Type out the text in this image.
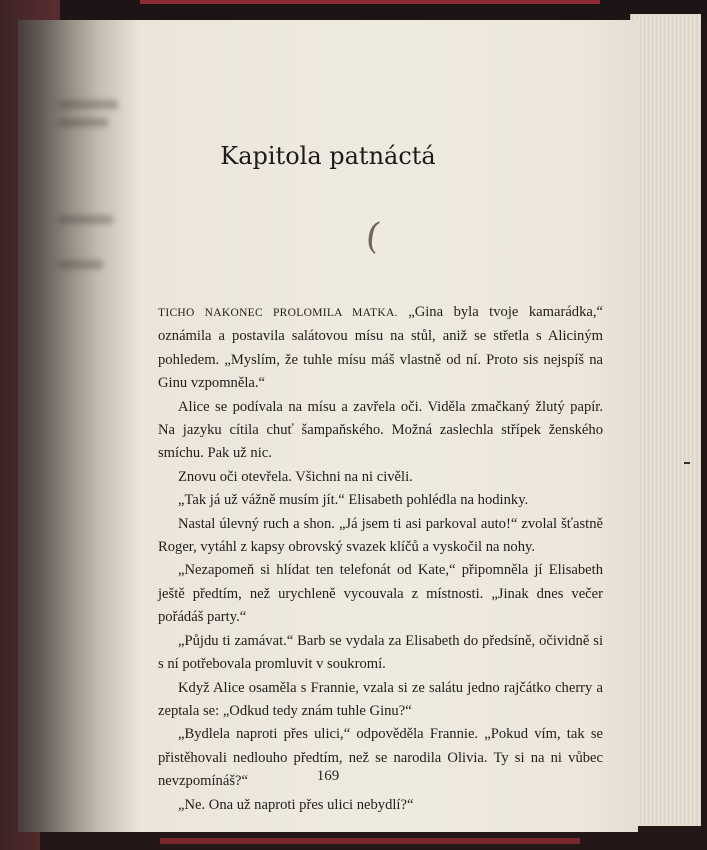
Kapitola patnáctá
(

TICHO NAKONEC PROLOMILA MATKA. „Gina byla tvoje kamarádka,“ oznámila a postavila salátovou mísu na stůl, aniž se střetla s Aliciným pohledem. „Myslím, že tuhle mísu máš vlastně od ní. Proto sis nejspíš na Ginu vzpomněla.“

Alice se podívala na mísu a zavřela oči. Viděla zmačkaný žlutý papír. Na jazyku cítila chuť šampaňského. Možná zaslechla střípek ženského smíchu. Pak už nic.

Znovu oči otevřela. Všichni na ni civěli.

„Tak já už vážně musím jít.“ Elisabeth pohlédla na hodinky.

Nastal úlevný ruch a shon. „Já jsem ti asi parkoval auto!“ zvolal šťastně Roger, vytáhl z kapsy obrovský svazek klíčů a vyskočil na nohy.

„Nezapomeň si hlídat ten telefonát od Kate,“ připomněla jí Elisabeth ještě předtím, než urychleně vycouvala z místnosti. „Jinak dnes večer pořádáš party.“

„Půjdu ti zamávat.“ Barb se vydala za Elisabeth do předsíně, očividně si s ní potřebovala promluvit v soukromí.

Když Alice osaměla s Frannie, vzala si ze salátu jedno rajčátko cherry a zeptala se: „Odkud tedy znám tuhle Ginu?“

„Bydlela naproti přes ulici,“ odpověděla Frannie. „Pokud vím, tak se přistěhovali nedlouho předtím, než se narodila Olivia. Ty si na ni vůbec nevzpomínáš?“

„Ne. Ona už naproti přes ulici nebydlí?“

169
